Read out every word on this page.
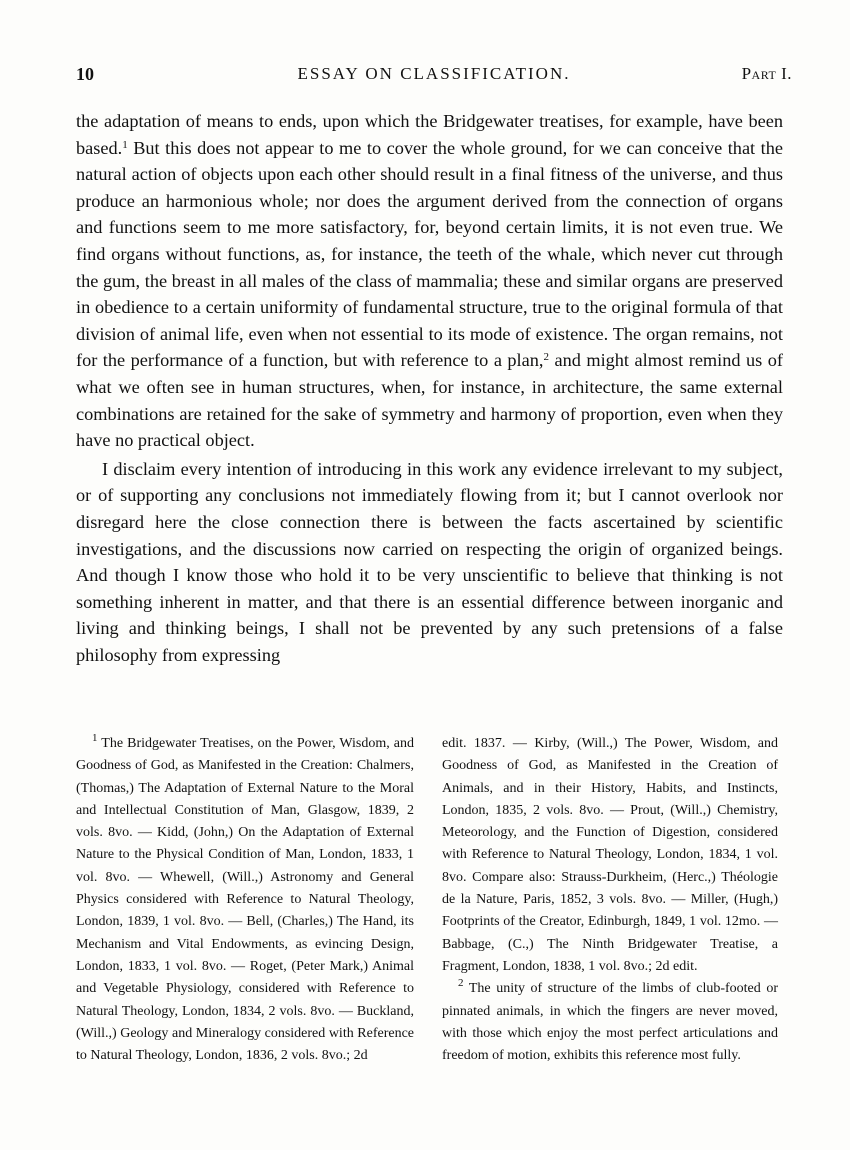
10	ESSAY ON CLASSIFICATION.	Part I.

the adaptation of means to ends, upon which the Bridgewater treatises, for example, have been based.$^1$ But this does not appear to me to cover the whole ground, for we can conceive that the natural action of objects upon each other should result in a final fitness of the universe, and thus produce an harmonious whole; nor does the argument derived from the connection of organs and functions seem to me more satisfactory, for, beyond certain limits, it is not even true. We find organs without functions, as, for instance, the teeth of the whale, which never cut through the gum, the breast in all males of the class of mammalia; these and similar organs are preserved in obedience to a certain uniformity of fundamental structure, true to the original formula of that division of animal life, even when not essential to its mode of existence. The organ remains, not for the performance of a function, but with reference to a plan,$^2$ and might almost remind us of what we often see in human structures, when, for instance, in architecture, the same external combinations are retained for the sake of symmetry and harmony of proportion, even when they have no practical object.

I disclaim every intention of introducing in this work any evidence irrelevant to my subject, or of supporting any conclusions not immediately flowing from it; but I cannot overlook nor disregard here the close connection there is between the facts ascertained by scientific investigations, and the discussions now carried on respecting the origin of organized beings. And though I know those who hold it to be very unscientific to believe that thinking is not something inherent in matter, and that there is an essential difference between inorganic and living and thinking beings, I shall not be prevented by any such pretensions of a false philosophy from expressing

$^1$ The Bridgewater Treatises, on the Power, Wisdom, and Goodness of God, as Manifested in the Creation: Chalmers, (Thomas,) The Adaptation of External Nature to the Moral and Intellectual Constitution of Man, Glasgow, 1839, 2 vols. 8vo. — Kidd, (John,) On the Adaptation of External Nature to the Physical Condition of Man, London, 1833, 1 vol. 8vo. — Whewell, (Will.,) Astronomy and General Physics considered with Reference to Natural Theology, London, 1839, 1 vol. 8vo. — Bell, (Charles,) The Hand, its Mechanism and Vital Endowments, as evincing Design, London, 1833, 1 vol. 8vo. — Roget, (Peter Mark,) Animal and Vegetable Physiology, considered with Reference to Natural Theology, London, 1834, 2 vols. 8vo. — Buckland, (Will.,) Geology and Mineralogy considered with Reference to Natural Theology, London, 1836, 2 vols. 8vo.; 2d

edit. 1837. — Kirby, (Will.,) The Power, Wisdom, and Goodness of God, as Manifested in the Creation of Animals, and in their History, Habits, and Instincts, London, 1835, 2 vols. 8vo. — Prout, (Will.,) Chemistry, Meteorology, and the Function of Digestion, considered with Reference to Natural Theology, London, 1834, 1 vol. 8vo. Compare also: Strauss-Durkheim, (Herc.,) Théologie de la Nature, Paris, 1852, 3 vols. 8vo. — Miller, (Hugh,) Footprints of the Creator, Edinburgh, 1849, 1 vol. 12mo. — Babbage, (C.,) The Ninth Bridgewater Treatise, a Fragment, London, 1838, 1 vol. 8vo.; 2d edit.

$^2$ The unity of structure of the limbs of club-footed or pinnated animals, in which the fingers are never moved, with those which enjoy the most perfect articulations and freedom of motion, exhibits this reference most fully.
